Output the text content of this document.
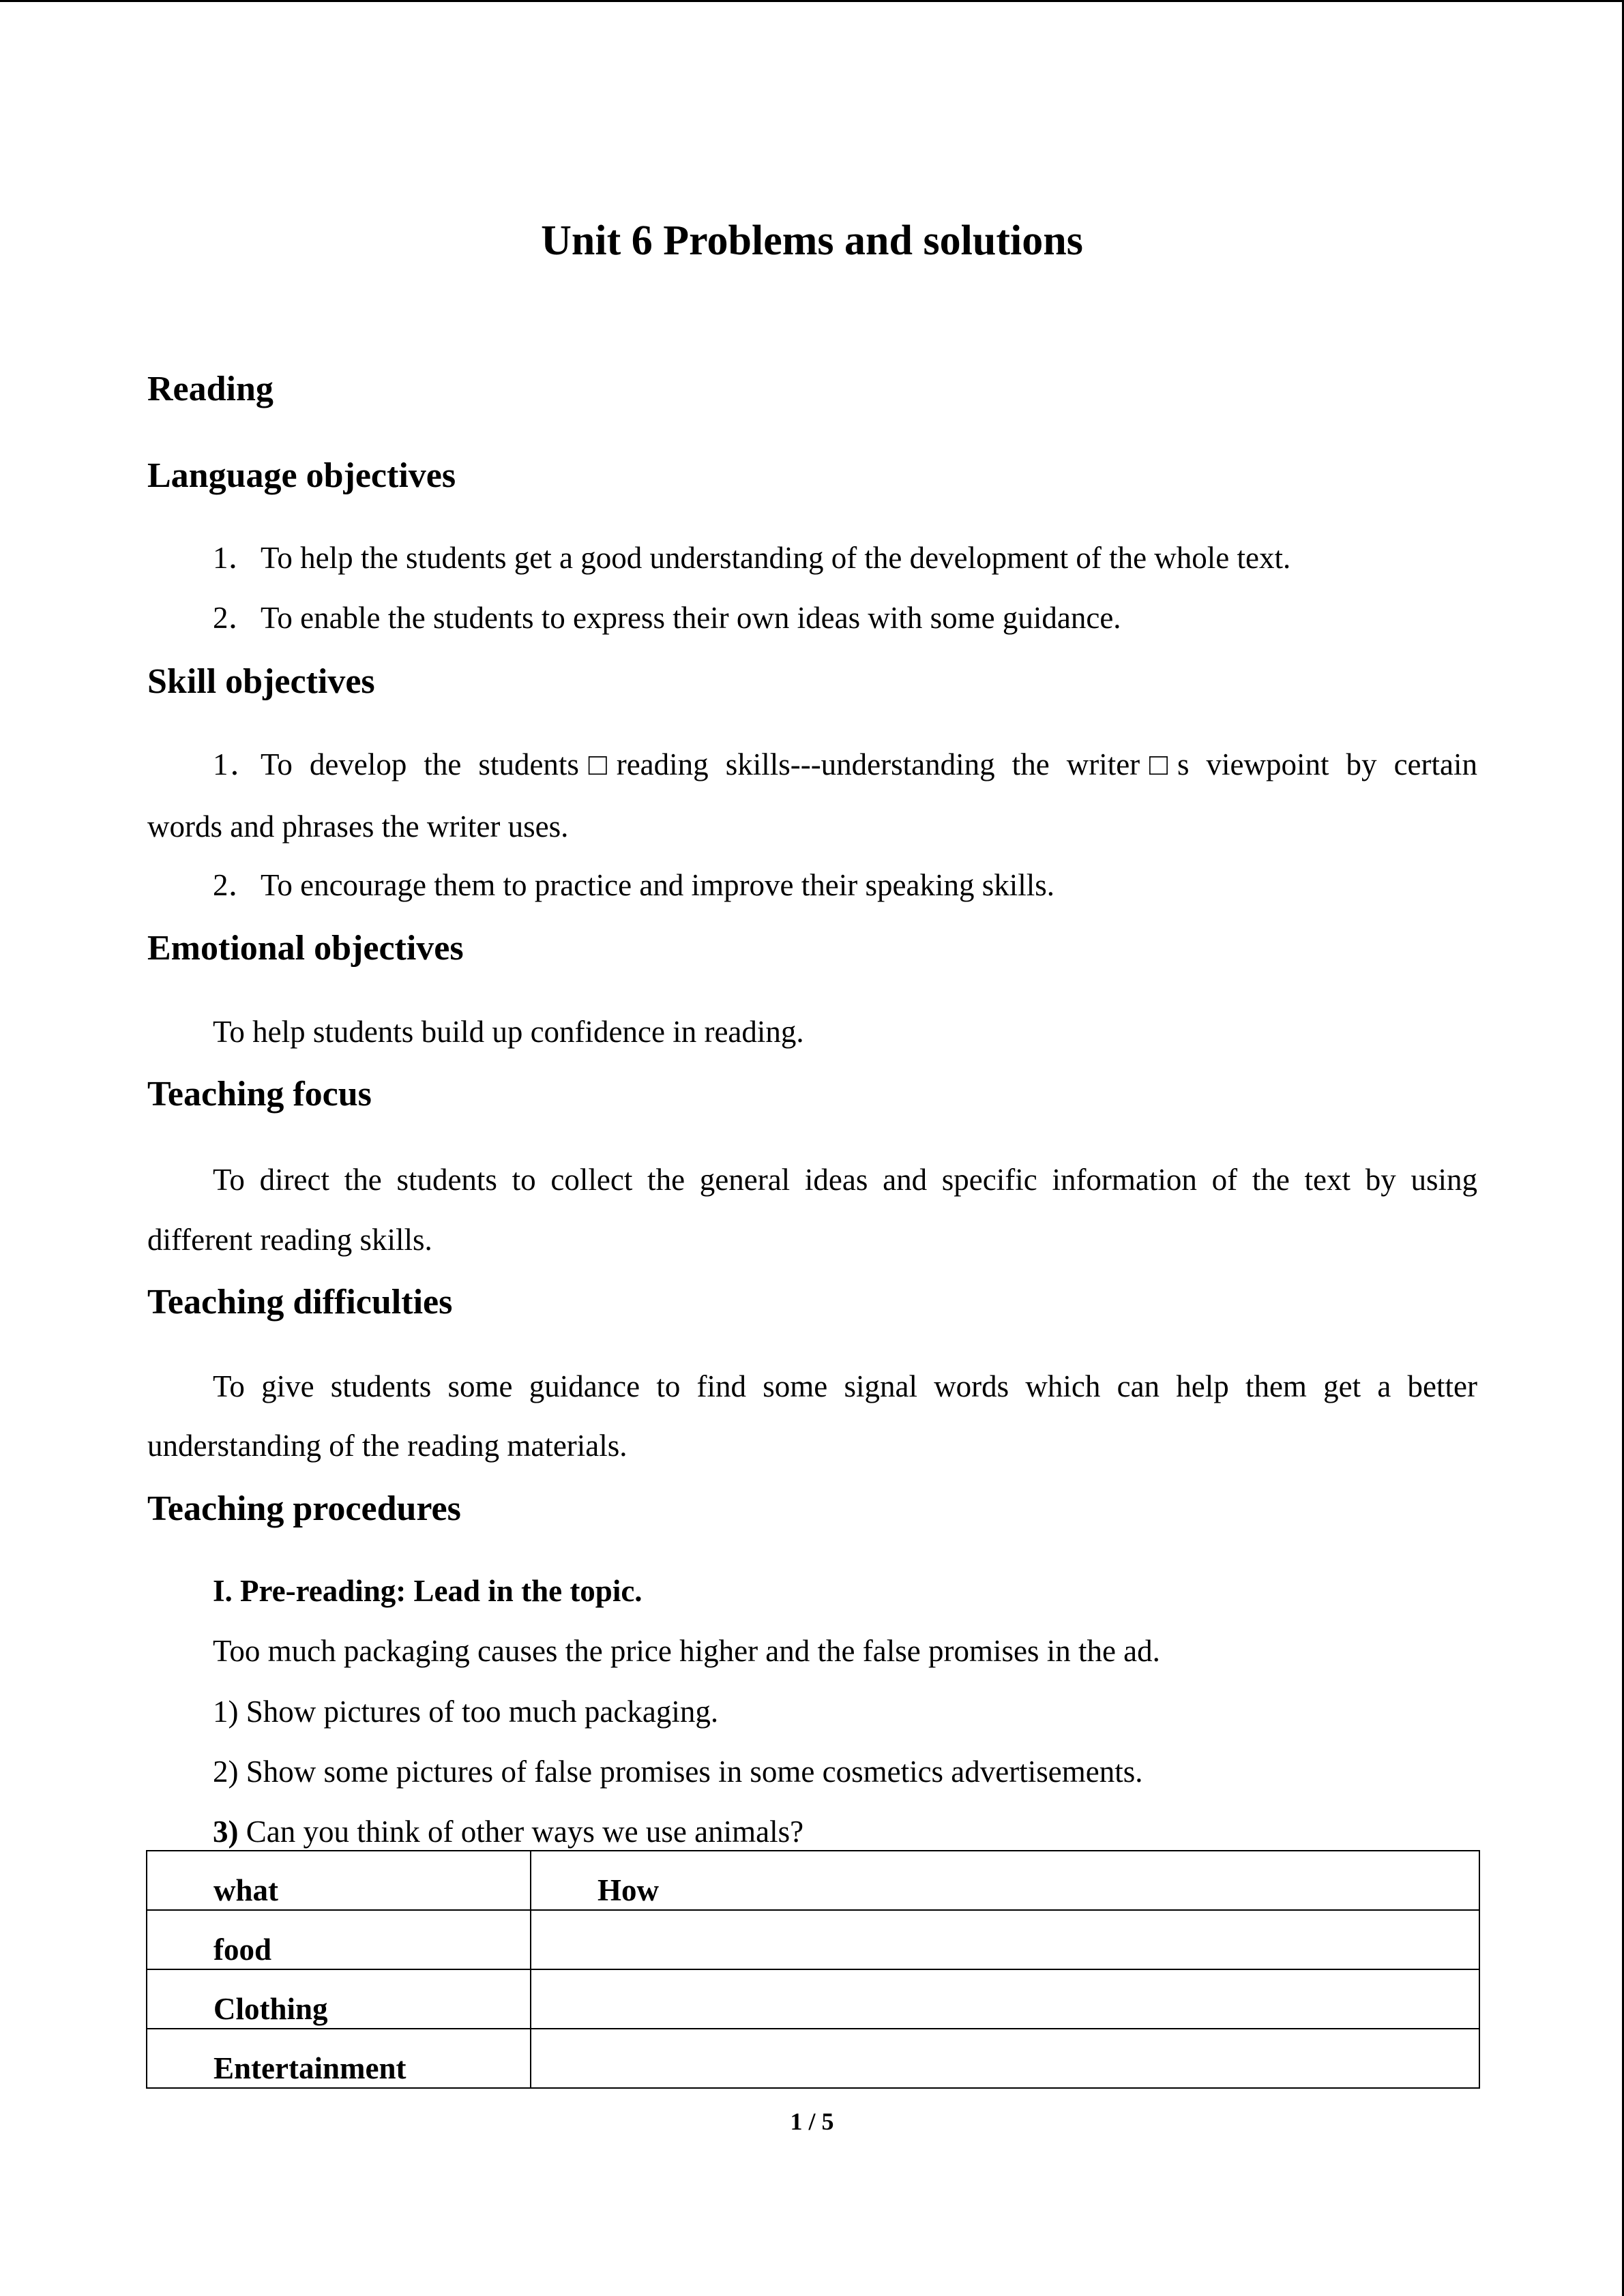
Unit 6 Problems and solutions
Reading
Language objectives

1．To help the students get a good understanding of the development of the whole text.

2．To enable the students to express their own ideas with some guidance.

Skill objectives

1．To develop the students□reading skills---understanding the writer□s viewpoint by certain

words and phrases the writer uses.

2．To encourage them to practice and improve their speaking skills.

Emotional objectives

To help students build up confidence in reading.

Teaching focus

To direct the students to collect the general ideas and specific information of the text by using

different reading skills.

Teaching difficulties

To give students some guidance to find some signal words which can help them get a better

understanding of the reading materials.

Teaching procedures

I. Pre-reading: Lead in the topic.

Too much packaging causes the price higher and the false promises in the ad.

1) Show pictures of too much packaging.

2) Show some pictures of false promises in some cosmetics advertisements.

3) Can you think of other ways we use animals?

what	How
food	
Clothing	
Entertainment	

1 / 5
